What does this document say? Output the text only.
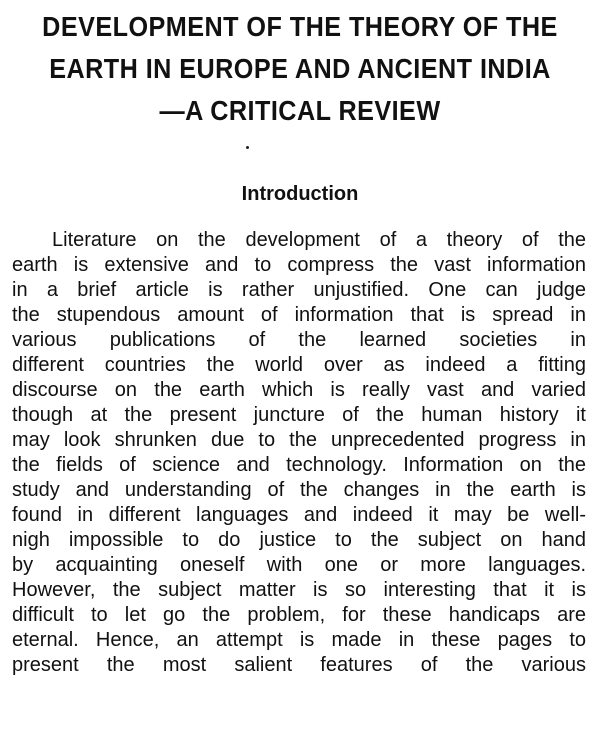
DEVELOPMENT OF THE THEORY OF THE
EARTH IN EUROPE AND ANCIENT INDIA
—A CRITICAL REVIEW
Introduction

Literature on the development of a theory of the
earth is extensive and to compress the vast information
in a brief article is rather unjustified. One can judge
the stupendous amount of information that is spread in
various publications of the learned societies in
different countries the world over as indeed a fitting
discourse on the earth which is really vast and varied
though at the present juncture of the human history it
may look shrunken due to the unprecedented progress in
the fields of science and technology. Information on the
study and understanding of the changes in the earth is
found in different languages and indeed it may be well-
nigh impossible to do justice to the subject on hand
by acquainting oneself with one or more languages.
However, the subject matter is so interesting that it is
difficult to let go the problem, for these handicaps are
eternal. Hence, an attempt is made in these pages to
present the most salient features of the various
